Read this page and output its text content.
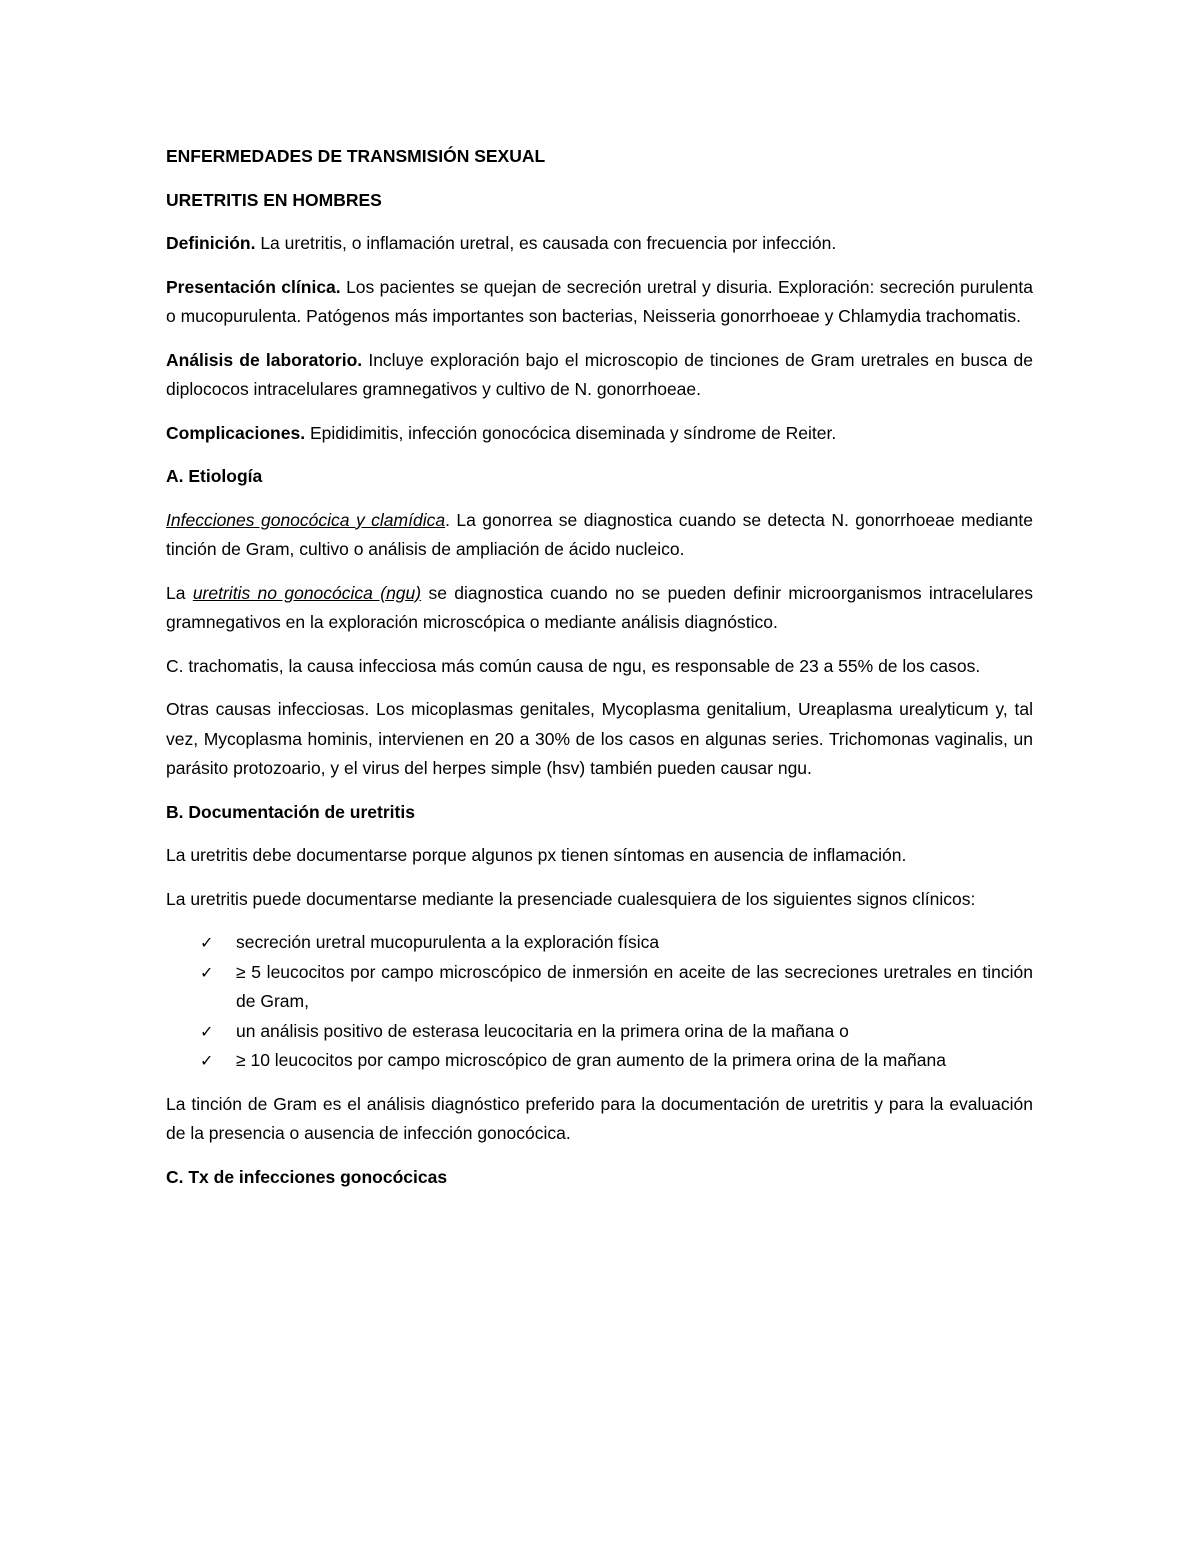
ENFERMEDADES DE TRANSMISIÓN SEXUAL

URETRITIS EN HOMBRES

Definición. La uretritis, o inflamación uretral, es causada con frecuencia por infección.

Presentación clínica. Los pacientes se quejan de secreción uretral y disuria. Exploración: secreción purulenta o mucopurulenta. Patógenos más importantes son bacterias, Neisseria gonorrhoeae y Chlamydia trachomatis.

Análisis de laboratorio. Incluye exploración bajo el microscopio de tinciones de Gram uretrales en busca de diplococos intracelulares gramnegativos y cultivo de N. gonorrhoeae.

Complicaciones. Epididimitis, infección gonocócica diseminada y síndrome de Reiter.

A. Etiología

Infecciones gonocócica y clamídica. La gonorrea se diagnostica cuando se detecta N. gonorrhoeae mediante tinción de Gram, cultivo o análisis de ampliación de ácido nucleico.

La uretritis no gonocócica (ngu) se diagnostica cuando no se pueden definir microorganismos intracelulares gramnegativos en la exploración microscópica o mediante análisis diagnóstico.

C. trachomatis, la causa infecciosa más común causa de ngu, es responsable de 23 a 55% de los casos.

Otras causas infecciosas. Los micoplasmas genitales, Mycoplasma genitalium, Ureaplasma urealyticum y, tal vez, Mycoplasma hominis, intervienen en 20 a 30% de los casos en algunas series. Trichomonas vaginalis, un parásito protozoario, y el virus del herpes simple (hsv) también pueden causar ngu.

B. Documentación de uretritis

La uretritis debe documentarse porque algunos px tienen síntomas en ausencia de inflamación.

La uretritis puede documentarse mediante la presenciade cualesquiera de los siguientes signos clínicos:

✓ secreción uretral mucopurulenta a la exploración física
✓ ≥ 5 leucocitos por campo microscópico de inmersión en aceite de las secreciones uretrales en tinción de Gram,
✓ un análisis positivo de esterasa leucocitaria en la primera orina de la mañana o
✓ ≥ 10 leucocitos por campo microscópico de gran aumento de la primera orina de la mañana

La tinción de Gram es el análisis diagnóstico preferido para la documentación de uretritis y para la evaluación de la presencia o ausencia de infección gonocócica.

C. Tx de infecciones gonocócicas
